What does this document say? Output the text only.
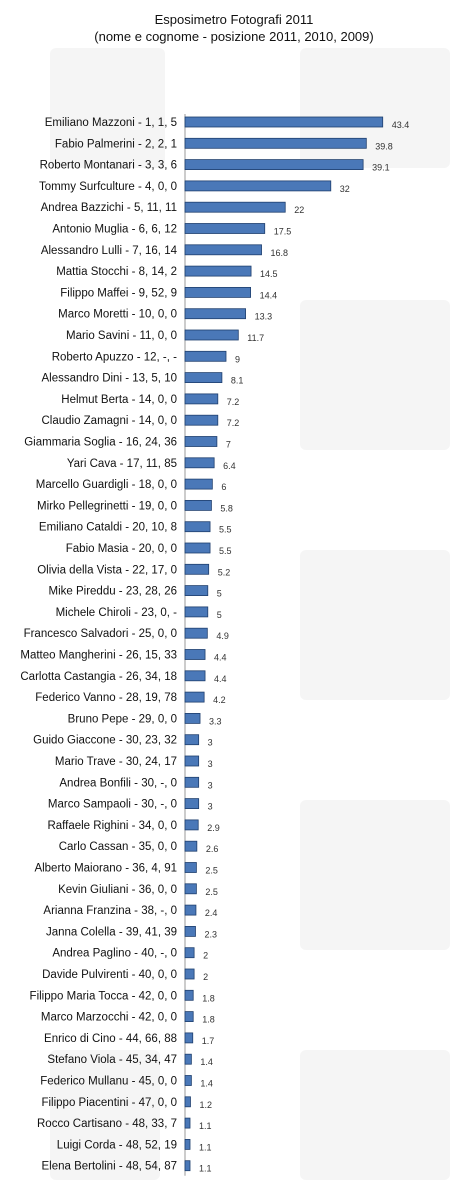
Esposimetro Fotografi 2011
(nome e cognome - posizione 2011, 2010, 2009)
Emiliano Mazzoni - 1, 1, 5	43.4
Fabio Palmerini - 2, 2, 1	39.8
Roberto Montanari - 3, 3, 6	39.1
Tommy Surfculture - 4, 0, 0	32
Andrea Bazzichi - 5, 11, 11	22
Antonio Muglia - 6, 6, 12	17.5
Alessandro Lulli - 7, 16, 14	16.8
Mattia Stocchi - 8, 14, 2	14.5
Filippo Maffei - 9, 52, 9	14.4
Marco Moretti - 10, 0, 0	13.3
Mario Savini - 11, 0, 0	11.7
Roberto Apuzzo - 12, -, -	9
Alessandro Dini - 13, 5, 10	8.1
Helmut Berta - 14, 0, 0	7.2
Claudio Zamagni - 14, 0, 0	7.2
Giammaria Soglia - 16, 24, 36	7
Yari Cava - 17, 11, 85	6.4
Marcello Guardigli - 18, 0, 0	6
Mirko Pellegrinetti - 19, 0, 0	5.8
Emiliano Cataldi - 20, 10, 8	5.5
Fabio Masia - 20, 0, 0	5.5
Olivia della Vista - 22, 17, 0	5.2
Mike Pireddu - 23, 28, 26	5
Michele Chiroli - 23, 0, -	5
Francesco Salvadori - 25, 0, 0	4.9
Matteo Mangherini - 26, 15, 33	4.4
Carlotta Castangia - 26, 34, 18	4.4
Federico Vanno - 28, 19, 78	4.2
Bruno Pepe - 29, 0, 0	3.3
Guido Giaccone - 30, 23, 32	3
Mario Trave - 30, 24, 17	3
Andrea Bonfili - 30, -, 0	3
Marco Sampaoli - 30, -, 0	3
Raffaele Righini - 34, 0, 0	2.9
Carlo Cassan - 35, 0, 0	2.6
Alberto Maiorano - 36, 4, 91	2.5
Kevin Giuliani - 36, 0, 0	2.5
Arianna Franzina - 38, -, 0	2.4
Janna Colella - 39, 41, 39	2.3
Andrea Paglino - 40, -, 0	2
Davide Pulvirenti - 40, 0, 0	2
Filippo Maria Tocca - 42, 0, 0	1.8
Marco Marzocchi - 42, 0, 0	1.8
Enrico di Cino - 44, 66, 88	1.7
Stefano Viola - 45, 34, 47	1.4
Federico Mullanu - 45, 0, 0	1.4
Filippo Piacentini - 47, 0, 0 1.2
Rocco Cartisano - 48, 33, 7 1.1
Luigi Corda - 48, 52, 19 1.1
Elena Bertolini - 48, 54, 87 1.1
